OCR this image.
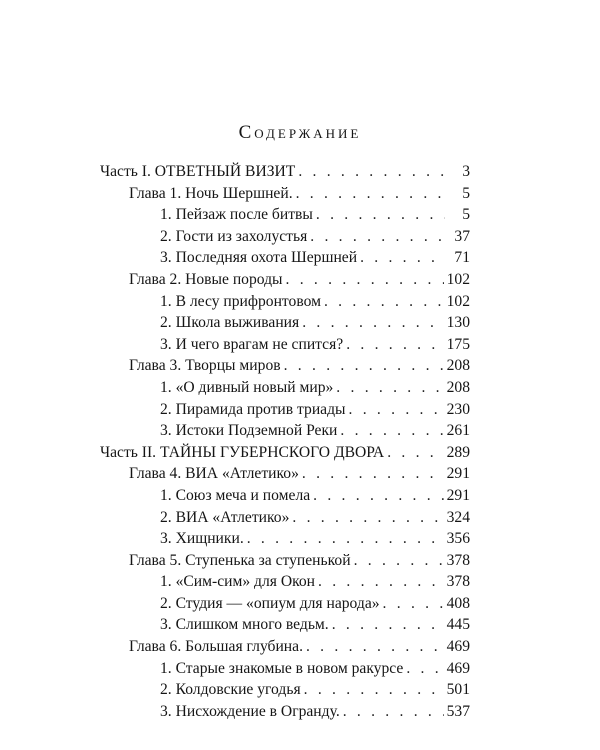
Содержание
Часть I. ОТВЕТНЫЙ ВИЗИТ . . .	3
Глава 1. Ночь Шершней. . . .	5
1. Пейзаж после битвы . . .	5
2. Гости из захолустья . . .	37
3. Последняя охота Шершней . . .	71
Глава 2. Новые породы . . .	102
1. В лесу прифронтовом . . .	102
2. Школа выживания . . .	130
3. И чего врагам не спится? . . .	175
Глава 3. Творцы миров . . .	208
1. «О дивный новый мир» . . .	208
2. Пирамида против триады . . .	230
3. Истоки Подземной Реки . . .	261
Часть II. ТАЙНЫ ГУБЕРНСКОГО ДВОРА . . .	289
Глава 4. ВИА «Атлетико» . . .	291
1. Союз меча и помела . . .	291
2. ВИА «Атлетико» . . .	324
3. Хищники. . . .	356
Глава 5. Ступенька за ступенькой . . .	378
1. «Сим-сим» для Окон . . .	378
2. Студия — «опиум для народа» . . .	408
3. Слишком много ведьм. . . .	445
Глава 6. Большая глубина. . . .	469
1. Старые знакомые в новом ракурсе . . .	469
2. Колдовские угодья . . .	501
3. Нисхождение в Огранду. . . .	537
